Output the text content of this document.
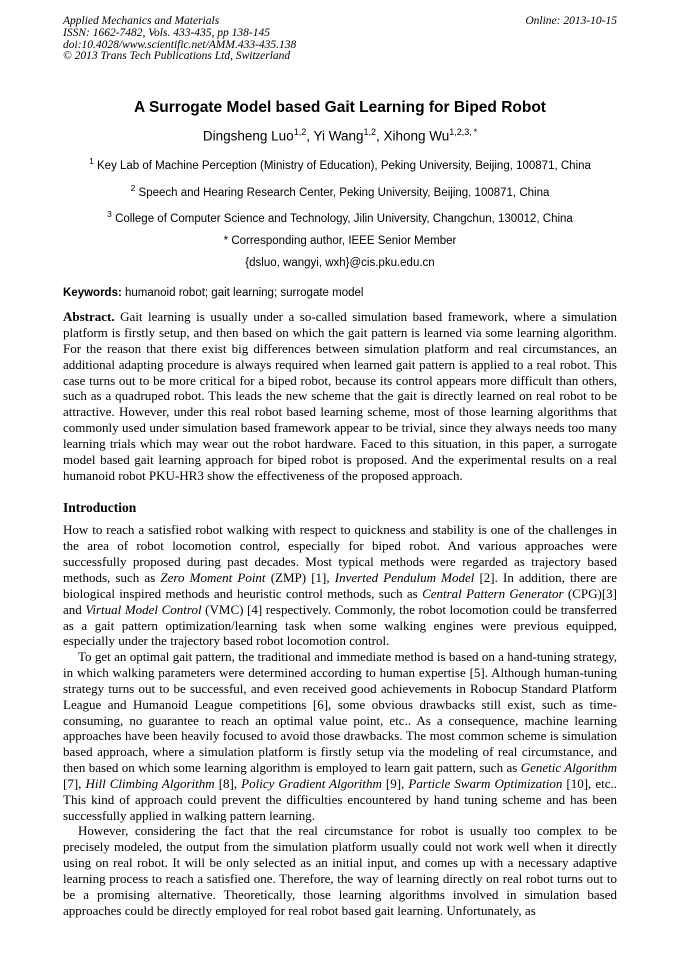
Applied Mechanics and Materials
ISSN: 1662-7482, Vols. 433-435, pp 138-145
doi:10.4028/www.scientific.net/AMM.433-435.138
© 2013 Trans Tech Publications Ltd, Switzerland
Online: 2013-10-15
A Surrogate Model based Gait Learning for Biped Robot
Dingsheng Luo$^{1,2}$, Yi Wang$^{1,2}$, Xihong $Wu^{1,2,3, *}$
$^1$ Key Lab of Machine Perception (Ministry of Education), Peking University, Beijing, 100871, China
$^2$ Speech and Hearing Research Center, Peking University, Beijing, 100871, China
$^3$ College of Computer Science and Technology, Jilin University, Changchun, 130012, China
* Corresponding author, IEEE Senior Member
{dsluo, wangyi, wxh}@cis.pku.edu.cn
Keywords: humanoid robot; gait learning; surrogate model

Abstract. Gait learning is usually under a so-called simulation based framework, where a simulation platform is firstly setup, and then based on which the gait pattern is learned via some learning algorithm. For the reason that there exist big differences between simulation platform and real circumstances, an additional adapting procedure is always required when learned gait pattern is applied to a real robot. This case turns out to be more critical for a biped robot, because its control appears more difficult than others, such as a quadruped robot. This leads the new scheme that the gait is directly learned on real robot to be attractive. However, under this real robot based learning scheme, most of those learning algorithms that commonly used under simulation based framework appear to be trivial, since they always needs too many learning trials which may wear out the robot hardware. Faced to this situation, in this paper, a surrogate model based gait learning approach for biped robot is proposed. And the experimental results on a real humanoid robot PKU-HR3 show the effectiveness of the proposed approach.

Introduction

How to reach a satisfied robot walking with respect to quickness and stability is one of the challenges in the area of robot locomotion control, especially for biped robot. And various approaches were successfully proposed during past decades. Most typical methods were regarded as trajectory based methods, such as Zero Moment Point (ZMP) [1], Inverted Pendulum Model [2]. In addition, there are biological inspired methods and heuristic control methods, such as Central Pattern Generator (CPG)[3] and Virtual Model Control (VMC) [4] respectively. Commonly, the robot locomotion could be transferred as a gait pattern optimization/learning task when some walking engines were previous equipped, especially under the trajectory based robot locomotion control.

To get an optimal gait pattern, the traditional and immediate method is based on a hand-tuning strategy, in which walking parameters were determined according to human expertise [5]. Although human-tuning strategy turns out to be successful, and even received good achievements in Robocup Standard Platform League and Humanoid League competitions [6], some obvious drawbacks still exist, such as time-consuming, no guarantee to reach an optimal value point, etc.. As a consequence, machine learning approaches have been heavily focused to avoid those drawbacks. The most common scheme is simulation based approach, where a simulation platform is firstly setup via the modeling of real circumstance, and then based on which some learning algorithm is employed to learn gait pattern, such as Genetic Algorithm [7], Hill Climbing Algorithm [8], Policy Gradient Algorithm [9], Particle Swarm Optimization [10], etc.. This kind of approach could prevent the difficulties encountered by hand tuning scheme and has been successfully applied in walking pattern learning.

However, considering the fact that the real circumstance for robot is usually too complex to be precisely modeled, the output from the simulation platform usually could not work well when it directly using on real robot. It will be only selected as an initial input, and comes up with a necessary adaptive learning process to reach a satisfied one. Therefore, the way of learning directly on real robot turns out to be a promising alternative. Theoretically, those learning algorithms involved in simulation based approaches could be directly employed for real robot based gait learning. Unfortunately, as
